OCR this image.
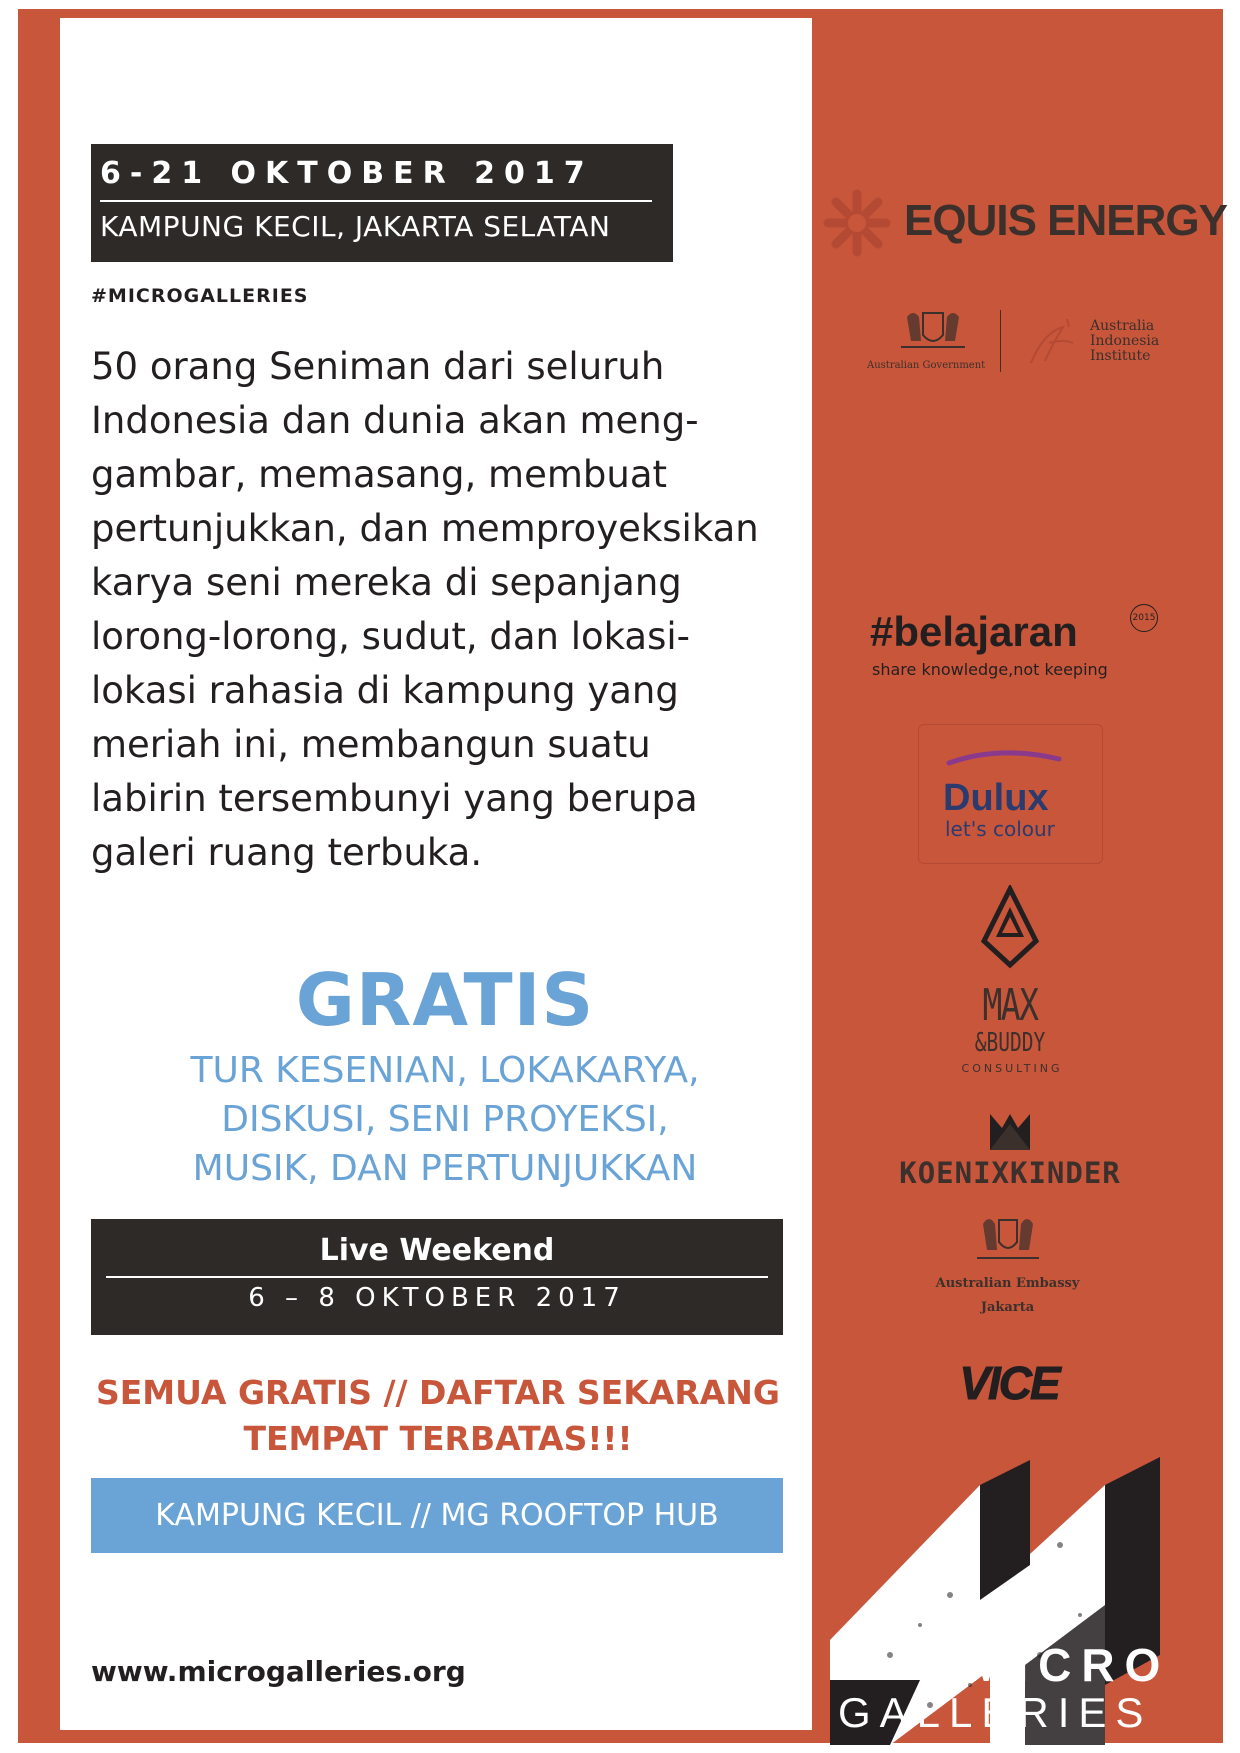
6-21 OKTOBER 2017
KAMPUNG KECIL, JAKARTA SELATAN
#MICROGALLERIES
50 orang Seniman dari seluruh
Indonesia dan dunia akan meng-
gambar, memasang, membuat
pertunjukkan, dan memproyeksikan
karya seni mereka di sepanjang
lorong-lorong, sudut, dan lokasi-
lokasi rahasia di kampung yang
meriah ini, membangun suatu
labirin tersembunyi yang berupa
galeri ruang terbuka.
GRATIS
TUR KESENIAN, LOKAKARYA,
DISKUSI, SENI PROYEKSI,
MUSIK, DAN PERTUNJUKKAN
Live Weekend
6 – 8 OKTOBER 2017
SEMUA GRATIS // DAFTAR SEKARANG
TEMPAT TERBATAS!!!
KAMPUNG KECIL // MG ROOFTOP HUB
www.microgalleries.org
EQUIS ENERGY
Australian Government
Australia
Indonesia
Institute
#belajaran
share knowledge,not keeping
2015
Dulux
let's colour
MAX
&BUDDY
CONSULTING
KOENIXKINDER
Australian Embassy
Jakarta
VICE
MICRO
GALLERIES
